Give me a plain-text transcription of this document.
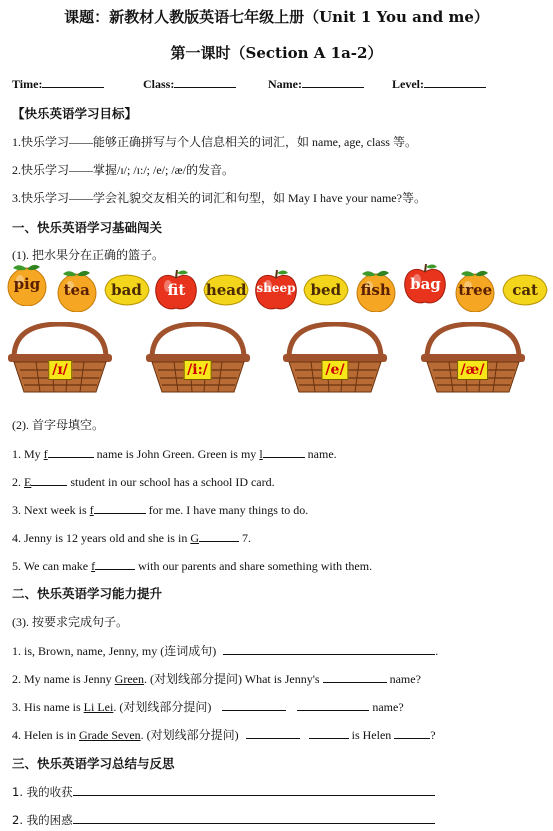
课题：新教材人教版英语七年级上册（Unit 1 You and me）
第一课时（Section A 1a-2）
Time:	Class:	Name:	Level:
【快乐英语学习目标】
1.快乐学习——能够正确拼写与个人信息相关的词汇，如 name, age, class 等。
2.快乐学习——掌握/ɪ/; /ɪ:/; /e/; /æ/的发音。
3.快乐学习——学会礼貌交友相关的词汇和句型，如 May I have your name?等。
一、快乐英语学习基础闯关
(1). 把水果分在正确的篮子。
pig	tea	bad	fit	head sheep bed	fish	bag	tree	cat
/ɪ/	/i:/	/e/	/æ/
(2). 首字母填空。
1. My f	name is John Green. Green is my l	name.
2. E	student in our school has a school ID card.
3. Next week is f	for me. I have many things to do.
4. Jenny is 12 years old and she is in G	7.
5. We can make f	with our parents and share something with them.
二、快乐英语学习能力提升
(3). 按要求完成句子。
1. is, Brown, name, Jenny, my (连词成句)	.
2. My name is Jenny Green. (对划线部分提问) What is Jenny's	name?
3. His name is Li Lei. (对划线部分提问)	name?
4. Helen is in Grade Seven. (对划线部分提问)	is Helen	?
三、快乐英语学习总结与反思
1. 我的收获
2. 我的困惑
